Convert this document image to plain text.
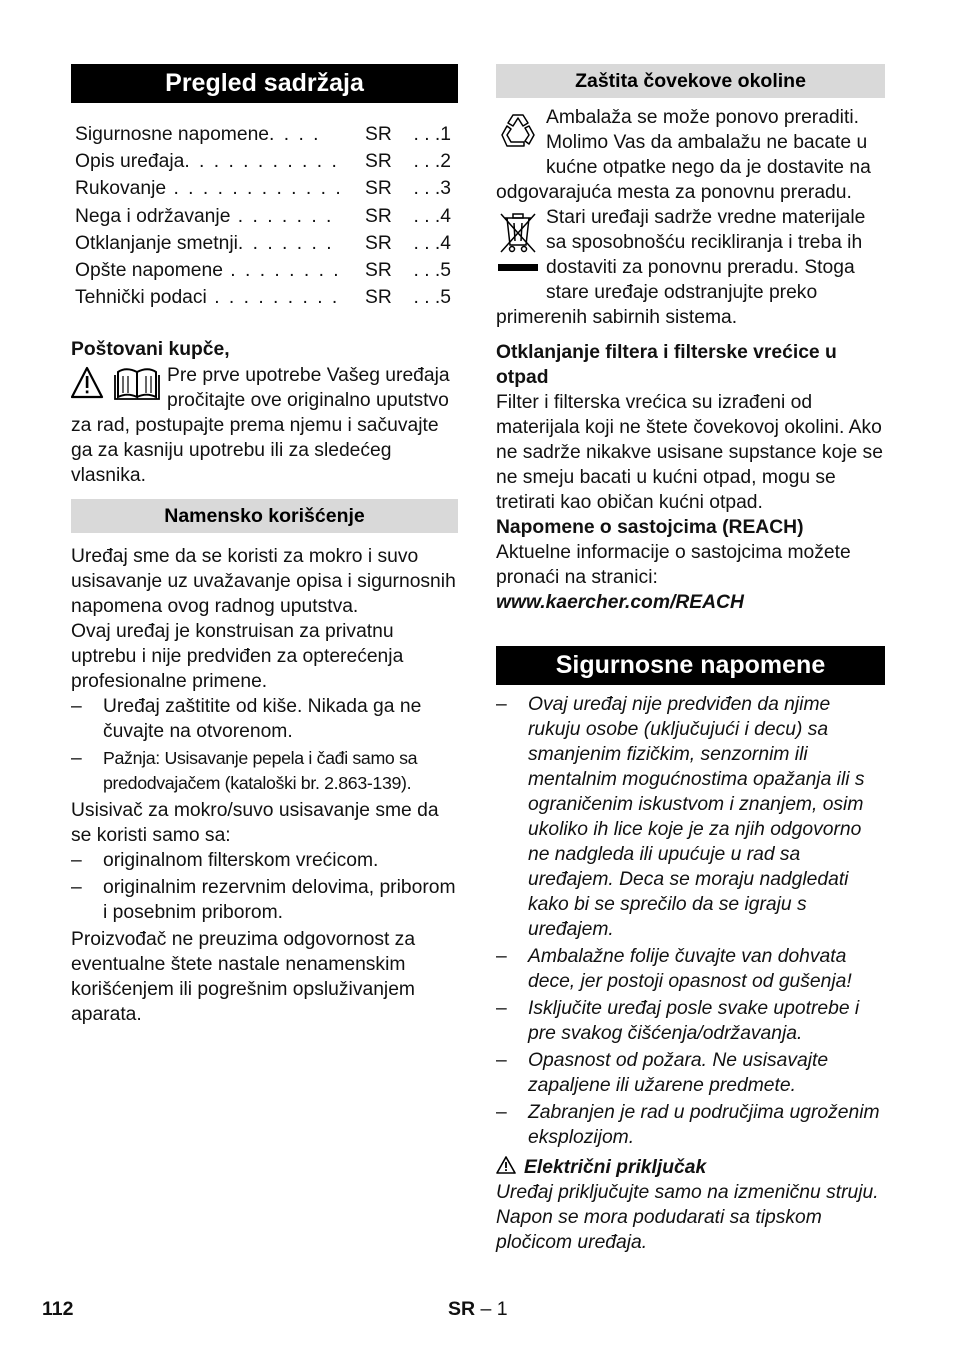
Pregled sadržaja
Sigurnosne napomene. . . .	SR	. . .1
Opis uređaja. . . . . . . . . . .	SR	. . .2
Rukovanje . . . . . . . . . . . .	SR	. . .3
Nega i održavanje . . . . . . .	SR	. . .4
Otklanjanje smetnji. . . . . . .	SR	. . .4
Opšte napomene . . . . . . . .	SR	. . .5
Tehnički podaci . . . . . . . . .	SR	. . .5

Poštovani kupče,

Pre prve upotrebe Vašeg uređaja pročitajte ove originalno uputstvo za rad, postupajte prema njemu i sačuvajte ga za kasniju upotrebu ili za sledećeg vlasnika.
Namensko korišćenje

Uređaj sme da se koristi za mokro i suvo usisavanje uz uvažavanje opisa i sigurnosnih napomena ovog radnog uputstva.

Ovaj uređaj je konstruisan za privatnu uptrebu i nije predviđen za opterećenja profesionalne primene.

– Uređaj zaštitite od kiše. Nikada ga ne čuvajte na otvorenom.
– Pažnja: Usisavanje pepela i čađi samo sa predodvajačem (kataloški br. 2.863-139).

Usisivač za mokro/suvo usisavanje sme da se koristi samo sa:

– originalnom filterskom vrećicom.
– originalnim rezervnim delovima, priborom i posebnim priborom.

Proizvođač ne preuzima odgovornost za eventualne štete nastale nenamenskim korišćenjem ili pogrešnim opsluživanjem aparata.

Zaštita čovekove okoline
Ambalaža se može ponovo preraditi. Molimo Vas da ambalažu ne bacate u kućne otpatke nego da je dostavite na odgovarajuća mesta za ponovnu preradu.
Stari uređaji sadrže vredne materijale sa sposobnošću recikliranja i treba ih dostaviti za ponovnu preradu. Stoga stare uređaje odstranjujte preko primerenih sabirnih sistema.

Otklanjanje filtera i filterske vrećice u otpad

Filter i filterska vrećica su izrađeni od materijala koji ne štete čovekovoj okolini. Ako ne sadrže nikakve usisane supstance koje se ne smeju bacati u kućni otpad, mogu se tretirati kao običan kućni otpad.

Napomene o sastojcima (REACH)

Aktuelne informacije o sastojcima možete pronaći na stranici:

www.kaercher.com/REACH

Sigurnosne napomene
– Ovaj uređaj nije predviđen da njime rukuju osobe (uključujući i decu) sa smanjenim fizičkim, senzornim ili mentalnim mogućnostima opažanja ili s ograničenim iskustvom i znanjem, osim ukoliko ih lice koje je za njih odgovorno ne nadgleda ili upućuje u rad sa uređajem. Deca se moraju nadgledati kako bi se sprečilo da se igraju s uređajem.
– Ambalažne folije čuvajte van dohvata dece, jer postoji opasnost od gušenja!
– Isključite uređaj posle svake upotrebe i pre svakog čišćenja/održavanja.
– Opasnost od požara. Ne usisavajte zapaljene ili užarene predmete.
– Zabranjen je rad u područjima ugroženim eksplozijom.

Električni priključak

Uređaj priključujte samo na izmeničnu struju. Napon se mora podudarati sa tipskom pločicom uređaja.

112	SR – 1
